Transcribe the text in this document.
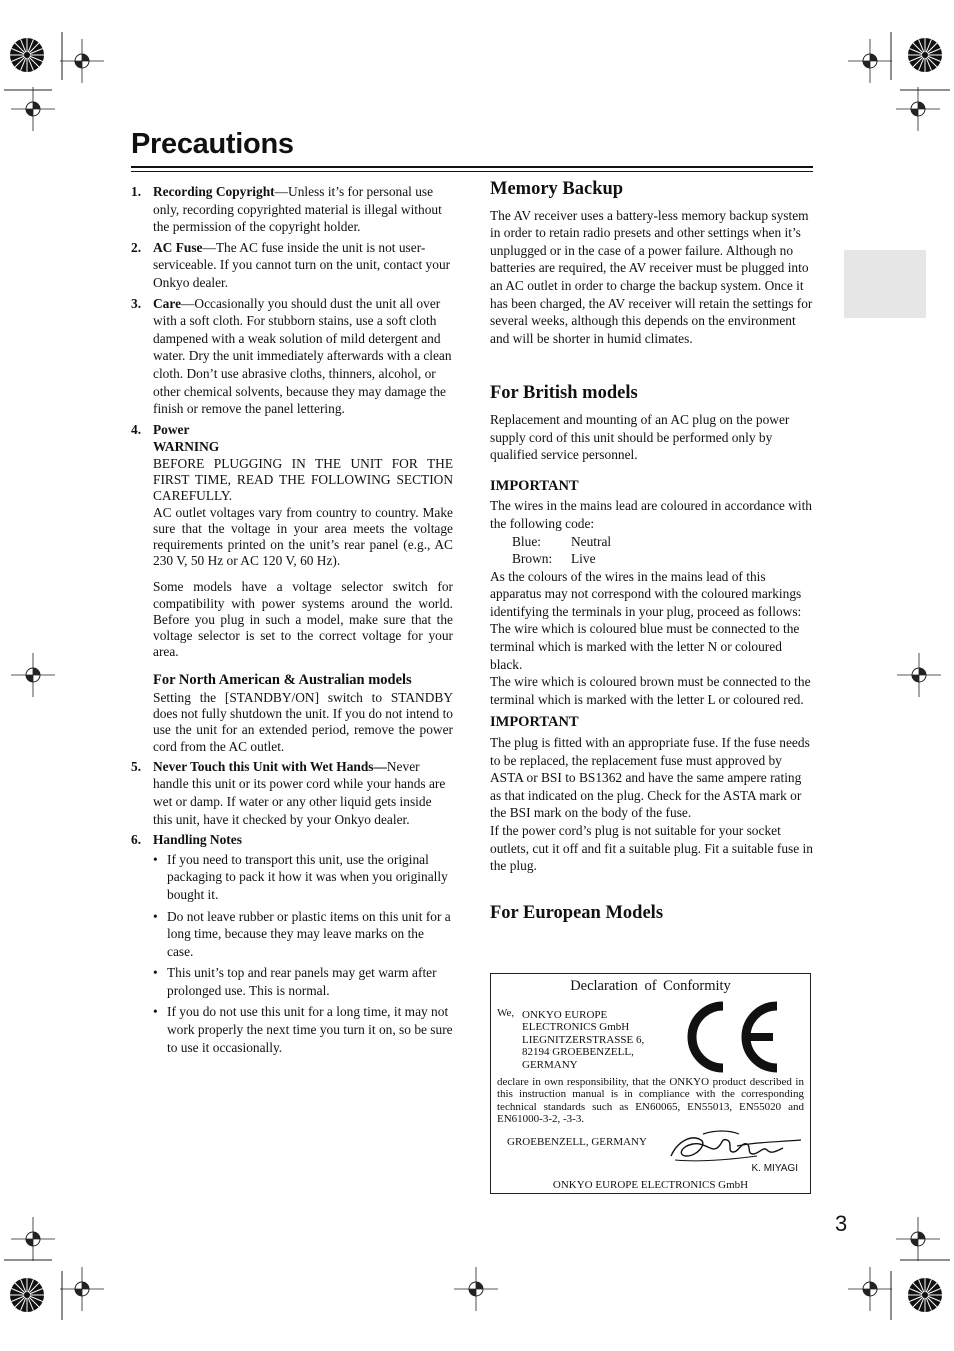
Precautions
1. Recording Copyright—Unless it’s for personal use only, recording copyrighted material is illegal without the permission of the copyright holder.
2. AC Fuse—The AC fuse inside the unit is not user-serviceable. If you cannot turn on the unit, contact your Onkyo dealer.
3. Care—Occasionally you should dust the unit all over with a soft cloth. For stubborn stains, use a soft cloth dampened with a weak solution of mild detergent and water. Dry the unit immediately afterwards with a clean cloth. Don’t use abrasive cloths, thinners, alcohol, or other chemical solvents, because they may damage the finish or remove the panel lettering.
4. Power
WARNING
BEFORE PLUGGING IN THE UNIT FOR THE FIRST TIME, READ THE FOLLOWING SECTION CAREFULLY.
AC outlet voltages vary from country to country. Make sure that the voltage in your area meets the voltage requirements printed on the unit’s rear panel (e.g., AC 230 V, 50 Hz or AC 120 V, 60 Hz).
Some models have a voltage selector switch for compatibility with power systems around the world. Before you plug in such a model, make sure that the voltage selector is set to the correct voltage for your area.
For North American & Australian models
Setting the [STANDBY/ON] switch to STANDBY does not fully shutdown the unit. If you do not intend to use the unit for an extended period, remove the power cord from the AC outlet.
5. Never Touch this Unit with Wet Hands—Never handle this unit or its power cord while your hands are wet or damp. If water or any other liquid gets inside this unit, have it checked by your Onkyo dealer.
6. Handling Notes
• If you need to transport this unit, use the original packaging to pack it how it was when you originally bought it.
• Do not leave rubber or plastic items on this unit for a long time, because they may leave marks on the case.
• This unit’s top and rear panels may get warm after prolonged use. This is normal.
• If you do not use this unit for a long time, it may not work properly the next time you turn it on, so be sure to use it occasionally.
Memory Backup
The AV receiver uses a battery-less memory backup system in order to retain radio presets and other settings when it’s unplugged or in the case of a power failure. Although no batteries are required, the AV receiver must be plugged into an AC outlet in order to charge the backup system. Once it has been charged, the AV receiver will retain the settings for several weeks, although this depends on the environment and will be shorter in humid climates.
For British models
Replacement and mounting of an AC plug on the power supply cord of this unit should be performed only by qualified service personnel.
IMPORTANT
The wires in the mains lead are coloured in accordance with the following code:
Blue: Neutral
Brown: Live
As the colours of the wires in the mains lead of this apparatus may not correspond with the coloured markings identifying the terminals in your plug, proceed as follows:
The wire which is coloured blue must be connected to the terminal which is marked with the letter N or coloured black.
The wire which is coloured brown must be connected to the terminal which is marked with the letter L or coloured red.
IMPORTANT
The plug is fitted with an appropriate fuse. If the fuse needs to be replaced, the replacement fuse must approved by ASTA or BSI to BS1362 and have the same ampere rating as that indicated on the plug. Check for the ASTA mark or the BSI mark on the body of the fuse.
If the power cord’s plug is not suitable for your socket outlets, cut it off and fit a suitable plug. Fit a suitable fuse in the plug.
For European Models
Declaration of Conformity
We, ONKYO EUROPE
ELECTRONICS GmbH
LIEGNITZERSTRASSE 6,
82194 GROEBENZELL,
GERMANY
declare in own responsibility, that the ONKYO product described in this instruction manual is in compliance with the corresponding technical standards such as EN60065, EN55013, EN55020 and EN61000-3-2, -3-3.
GROEBENZELL, GERMANY
K. MIYAGI
ONKYO EUROPE ELECTRONICS GmbH
3
